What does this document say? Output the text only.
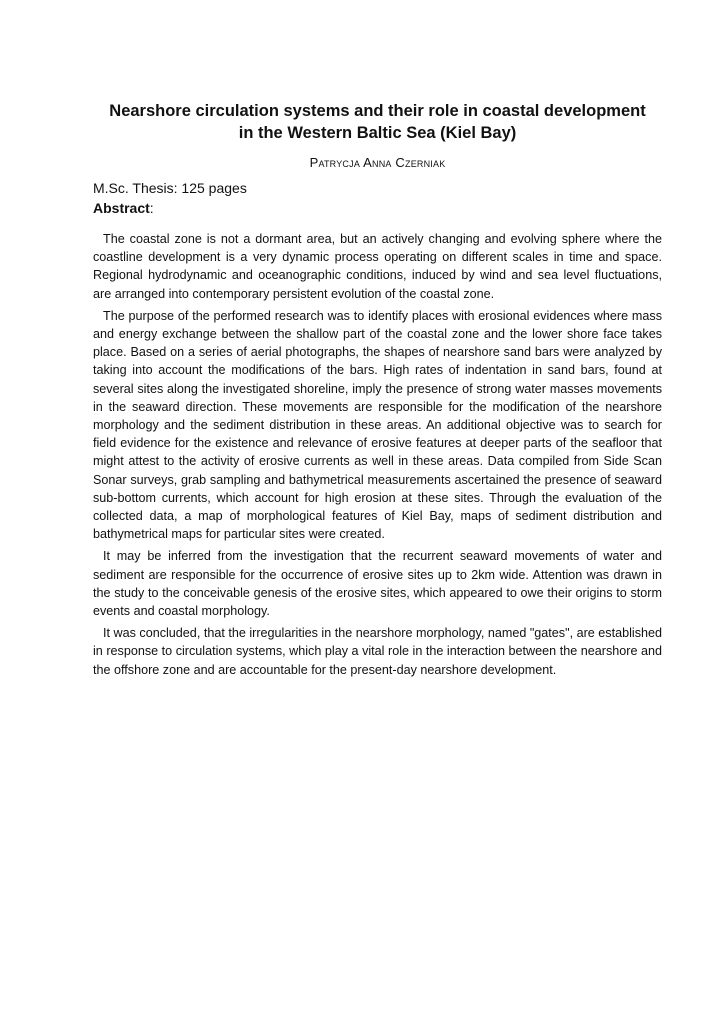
Nearshore circulation systems and their role in coastal development
in the Western Baltic Sea (Kiel Bay)
Patrycja Anna Czerniak
M.Sc. Thesis: 125 pages
Abstract:

The coastal zone is not a dormant area, but an actively changing and evolving sphere where the coastline development is a very dynamic process operating on different scales in time and space. Regional hydrodynamic and oceanographic conditions, induced by wind and sea level fluctuations, are arranged into contemporary persistent evolution of the coastal zone.

The purpose of the performed research was to identify places with erosional evidences where mass and energy exchange between the shallow part of the coastal zone and the lower shore face takes place. Based on a series of aerial photographs, the shapes of nearshore sand bars were analyzed by taking into account the modifications of the bars. High rates of indentation in sand bars, found at several sites along the investigated shoreline, imply the presence of strong water masses movements in the seaward direction. These movements are responsible for the modification of the nearshore morphology and the sediment distribution in these areas. An additional objective was to search for field evidence for the existence and relevance of erosive features at deeper parts of the seafloor that might attest to the activity of erosive currents as well in these areas. Data compiled from Side Scan Sonar surveys, grab sampling and bathymetrical measurements ascertained the presence of seaward sub-bottom currents, which account for high erosion at these sites. Through the evaluation of the collected data, a map of morphological features of Kiel Bay, maps of sediment distribution and bathymetrical maps for particular sites were created.

It may be inferred from the investigation that the recurrent seaward movements of water and sediment are responsible for the occurrence of erosive sites up to 2km wide. Attention was drawn in the study to the conceivable genesis of the erosive sites, which appeared to owe their origins to storm events and coastal morphology.

It was concluded, that the irregularities in the nearshore morphology, named "gates", are established in response to circulation systems, which play a vital role in the interaction between the nearshore and the offshore zone and are accountable for the present-day nearshore development.
